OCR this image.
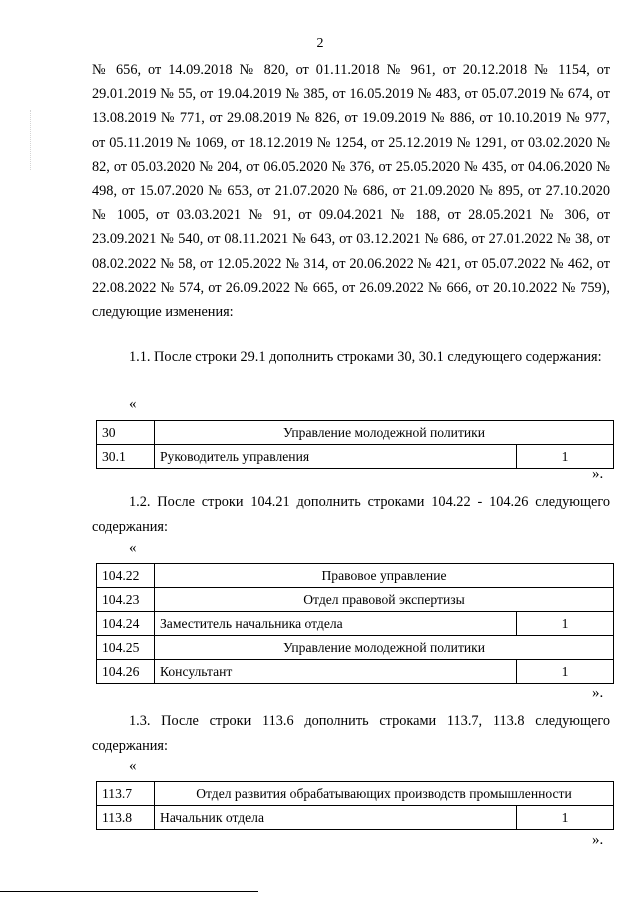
2

№ 656, от 14.09.2018 № 820, от 01.11.2018 № 961, от 20.12.2018 № 1154, от 29.01.2019 № 55, от 19.04.2019 № 385, от 16.05.2019 № 483, от 05.07.2019 № 674, от 13.08.2019 № 771, от 29.08.2019 № 826, от 19.09.2019 № 886, от 10.10.2019 № 977, от 05.11.2019 № 1069, от 18.12.2019 № 1254, от 25.12.2019 № 1291, от 03.02.2020 № 82, от 05.03.2020 № 204, от 06.05.2020 № 376, от 25.05.2020 № 435, от 04.06.2020 № 498, от 15.07.2020 № 653, от 21.07.2020 № 686, от 21.09.2020 № 895, от 27.10.2020 № 1005, от 03.03.2021 № 91, от 09.04.2021 № 188, от 28.05.2021 № 306, от 23.09.2021 № 540, от 08.11.2021 № 643, от 03.12.2021 № 686, от 27.01.2022 № 38, от 08.02.2022 № 58, от 12.05.2022 № 314, от 20.06.2022 № 421, от 05.07.2022 № 462, от 22.08.2022 № 574, от 26.09.2022 № 665, от 26.09.2022 № 666, от 20.10.2022 № 759), следующие изменения:

1.1. После строки 29.1 дополнить строками 30, 30.1 следующего содержания:

«
30	Управление молодежной политики	
30.1	Руководитель управления	1
».

1.2. После строки 104.21 дополнить строками 104.22 - 104.26 следующего содержания:

«
104.22	Правовое управление	
104.23	Отдел правовой экспертизы	
104.24	Заместитель начальника отдела	1
104.25	Управление молодежной политики	
104.26	Консультант	1
».

1.3. После строки 113.6 дополнить строками 113.7, 113.8 следующего содержания:

«
113.7	Отдел развития обрабатывающих производств промышленности	
113.8	Начальник отдела	1
».
